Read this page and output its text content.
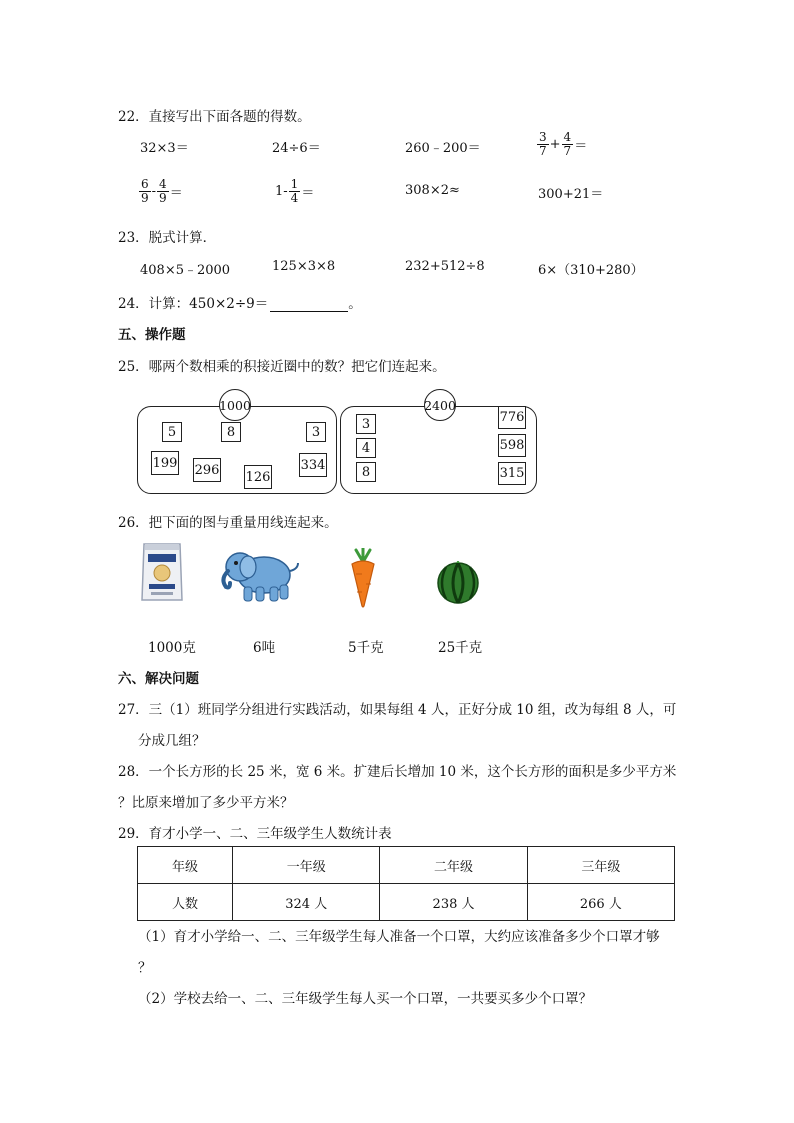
22．直接写出下面各题的得数。
32×3＝	24÷6＝	260﹣200＝	$\frac{3}{7} + \frac{4}{7}$ ＝
$\frac{6}{9} - \frac{4}{9}$ ＝	$1- \frac{1}{4}$ ＝	308×2≈	300+21＝
23．脱式计算．
408×5﹣2000	125×3×8	232+512÷8	6×（310+280）
24．计算：450×2÷9＝	。
五、操作题
25．哪两个数相乘的积接近圈中的数？把它们连起来。
1000	2400
5	8	3
199 296 126
334
3
4
8
776
598
315
26．把下面的图与重量用线连起来。
1000克	6吨	5千克	25千克
六、解决问题
27．三（1）班同学分组进行实践活动，如果每组 4 人，正好分成 10 组，改为每组 8 人，可
分成几组？
28．一个长方形的长 25 米，宽 6 米。扩建后长增加 10 米，这个长方形的面积是多少平方米
？比原来增加了多少平方米？
29．育才小学一、二、三年级学生人数统计表
年级	一年级	二年级	三年级
人数	324 人	238 人	266 人
（1）育才小学给一、二、三年级学生每人准备一个口罩，大约应该准备多少个口罩才够
？
（2）学校去给一、二、三年级学生每人买一个口罩，一共要买多少个口罩？
